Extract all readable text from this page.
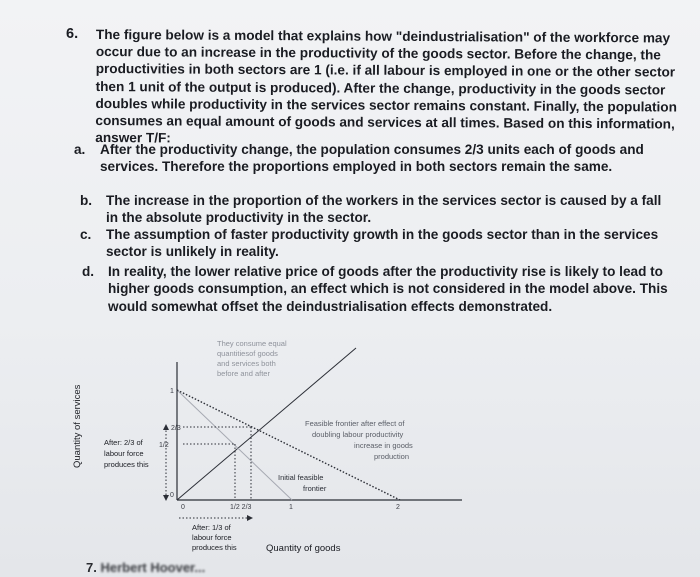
6. The figure below is a model that explains how "deindustrialisation" of the workforce may occur due to an increase in the productivity of the goods sector. Before the change, the productivities in both sectors are 1 (i.e. if all labour is employed in one or the other sector then 1 unit of the output is produced). After the change, productivity in the goods sector doubles while productivity in the services sector remains constant. Finally, the population consumes an equal amount of goods and services at all times. Based on this information, answer T/F:
a. After the productivity change, the population consumes 2/3 units each of goods and services. Therefore the proportions employed in both sectors remain the same.
b. The increase in the proportion of the workers in the services sector is caused by a fall in the absolute productivity in the sector.
c. The assumption of faster productivity growth in the goods sector than in the services sector is unlikely in reality.
d. In reality, the lower relative price of goods after the productivity rise is likely to lead to higher goods consumption, an effect which is not considered in the model above. This would somewhat offset the deindustrialisation effects demonstrated.
Quantity of services	1
2/3
1/2
0
0	1/2 2/3	1	2
They consume equal
quantitiesof goods
and services both
before and after
Feasible frontier after effect of
doubling labour productivity
increase in goods
production
Initial feasible
frontier
After: 2/3 of
labour force
produces this
After: 1/3 of
labour force
produces this	Quantity of goods
7. Herbert Hoover...
